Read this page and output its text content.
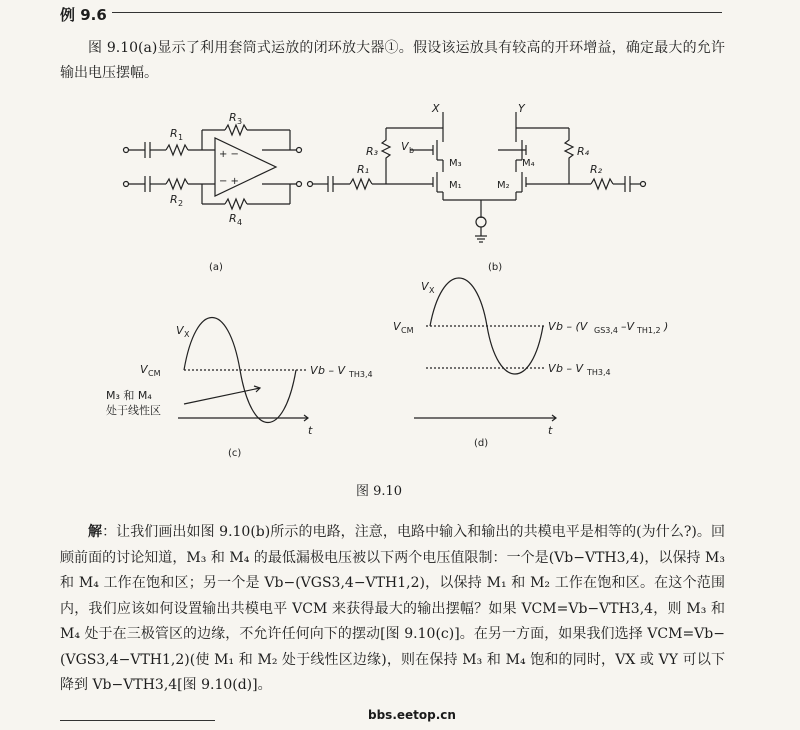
例 9.6

图 9.10(a)显示了利用套筒式运放的闭环放大器①。假设该运放具有较高的开环增益，确定最大的允许输出电压摆幅。

R 1
R 2
R 3
R 4
+ −
− +
(a)
X	Y
V b
M₃
M₁
M₄
M₂
R₃
R₁
R₄
R₂
(b)
V X
V CM	V b – V TH3,4
M₃ 和 M₄
处于线性区
t
(c)
V X
V CM	V b – (V GS3,4 –V TH1,2 )
V b – V TH3,4
t
(d)
图 9.10

解：让我们画出如图 9.10(b)所示的电路，注意，电路中输入和输出的共模电平是相等的(为什么?)。回顾前面的讨论知道，M₃ 和 M₄ 的最低漏极电压被以下两个电压值限制：一个是(Vb−VTH3,4)，以保持 M₃ 和 M₄ 工作在饱和区；另一个是 Vb−(VGS3,4−VTH1,2)，以保持 M₁ 和 M₂ 工作在饱和区。在这个范围内，我们应该如何设置输出共模电平 VCM 来获得最大的输出摆幅？如果 VCM=Vb−VTH3,4，则 M₃ 和 M₄ 处于在三极管区的边缘，不允许任何向下的摆动[图 9.10(c)]。在另一方面，如果我们选择 VCM=Vb−(VGS3,4−VTH1,2)(使 M₁ 和 M₂ 处于线性区边缘)，则在保持 M₃ 和 M₄ 饱和的同时，VX 或 VY 可以下降到 Vb−VTH3,4[图 9.10(d)]。

bbs.eetop.cn
